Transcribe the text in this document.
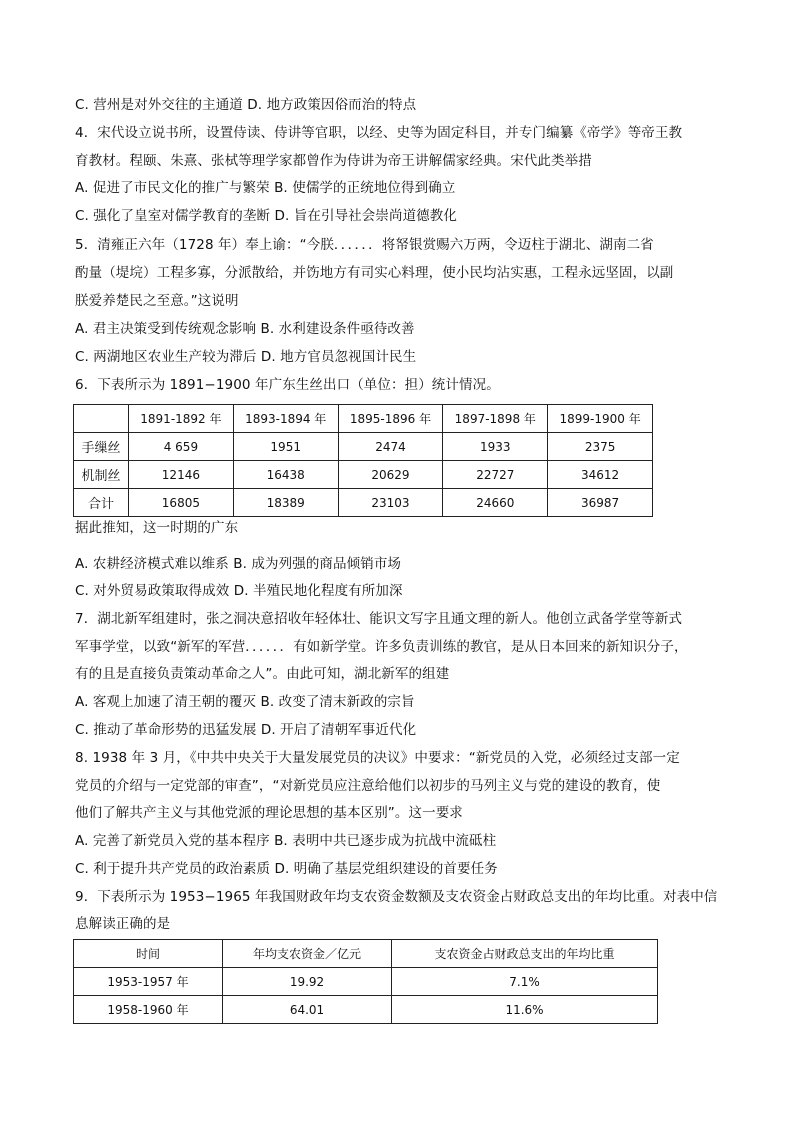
C. 营州是对外交往的主通道 D. 地方政策因俗而治的特点
4．宋代设立说书所，设置侍读、侍讲等官职，以经、史等为固定科目，并专门编纂《帝学》等帝王教
育教材。程颐、朱熹、张栻等理学家都曾作为侍讲为帝王讲解儒家经典。宋代此类举措
A. 促进了市民文化的推广与繁荣 B. 使儒学的正统地位得到确立
C. 强化了皇室对儒学教育的垄断 D. 旨在引导社会崇尚道德教化
5．清雍正六年（1728 年）奉上谕：“今朕．．．．．．将帑银赏赐六万两，令迈柱于湖北、湖南二省
酌量（堤垸）工程多寡，分派散给，并饬地方有司实心料理，使小民均沾实惠，工程永远坚固，以副
朕爱养楚民之至意。”这说明
A. 君主决策受到传统观念影响 B. 水利建设条件亟待改善
C. 两湖地区农业生产较为滞后 D. 地方官员忽视国计民生
6．下表所示为 1891−1900 年广东生丝出口（单位：担）统计情况。
	1891-1892 年	1893-1894 年	1895-1896 年	1897-1898 年	1899-1900 年
手缫丝	4 659	1951	2474	1933	2375
机制丝	12146	16438	20629	22727	34612
合计	16805	18389	23103	24660	36987
据此推知，这一时期的广东
A. 农耕经济模式难以维系 B. 成为列强的商品倾销市场
C. 对外贸易政策取得成效 D. 半殖民地化程度有所加深
7．湖北新军组建时，张之洞决意招收年轻体壮、能识文写字且通文理的新人。他创立武备学堂等新式
军事学堂，以致“新军的军营．．．．．．有如新学堂。许多负责训练的教官，是从日本回来的新知识分子，
有的且是直接负责策动革命之人”。由此可知，湖北新军的组建
A. 客观上加速了清王朝的覆灭 B. 改变了清末新政的宗旨
C. 推动了革命形势的迅猛发展 D. 开启了清朝军事近代化
8. 1938 年 3 月，《中共中央关于大量发展党员的决议》中要求：“新党员的入党，必须经过支部一定
党员的介绍与一定党部的审查”，“对新党员应注意给他们以初步的马列主义与党的建设的教育，使
他们了解共产主义与其他党派的理论思想的基本区别”。这一要求
A. 完善了新党员入党的基本程序 B. 表明中共已逐步成为抗战中流砥柱
C. 利于提升共产党员的政治素质 D. 明确了基层党组织建设的首要任务
9．下表所示为 1953−1965 年我国财政年均支农资金数额及支农资金占财政总支出的年均比重。对表中信
息解读正确的是
时间	年均支农资金／亿元	支农资金占财政总支出的年均比重
1953-1957 年	19.92	7.1%
1958-1960 年	64.01	11.6%
